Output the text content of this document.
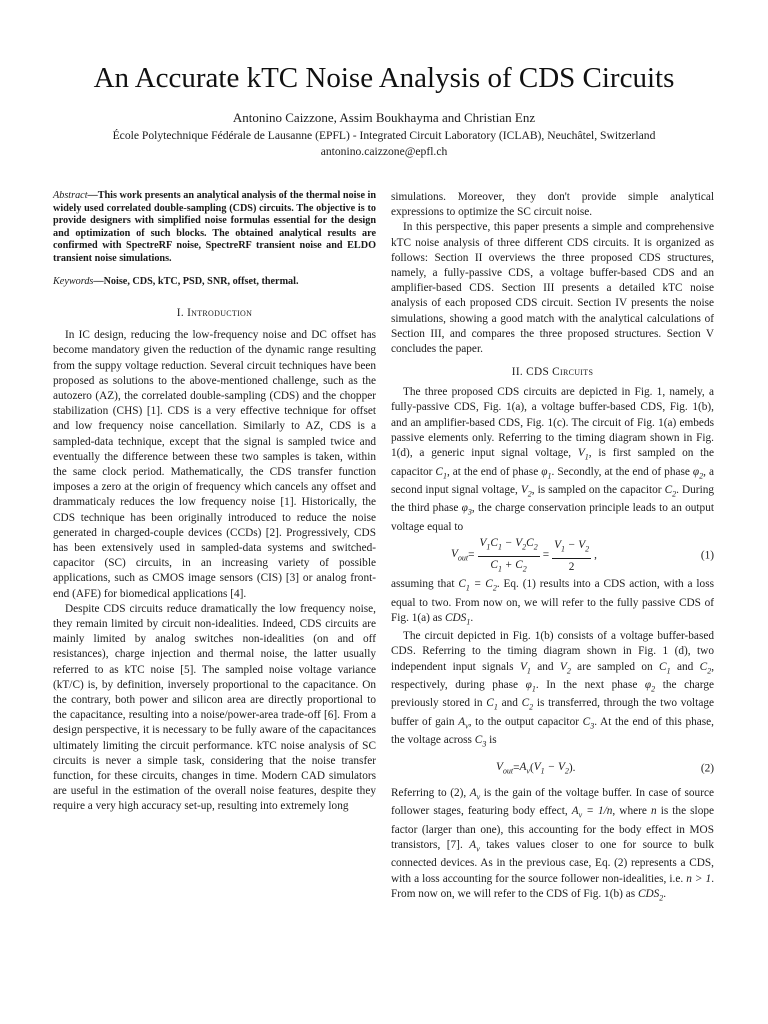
An Accurate kTC Noise Analysis of CDS Circuits
Antonino Caizzone, Assim Boukhayma and Christian Enz
École Polytechnique Fédérale de Lausanne (EPFL) - Integrated Circuit Laboratory (ICLAB), Neuchâtel, Switzerland
antonino.caizzone@epfl.ch

Abstract—This work presents an analytical analysis of the thermal noise in widely used correlated double-sampling (CDS) circuits. The objective is to provide designers with simplified noise formulas essential for the design and optimization of such blocks. The obtained analytical results are confirmed with SpectreRF noise, SpectreRF transient noise and ELDO transient noise simulations.

Keywords—Noise, CDS, kTC, PSD, SNR, offset, thermal.

I. Introduction

In IC design, reducing the low-frequency noise and DC offset has become mandatory given the reduction of the dynamic range resulting from the suppy voltage reduction. Several circuit techniques have been proposed as solutions to the above-mentioned challenge, such as the autozero (AZ), the correlated double-sampling (CDS) and the chopper stabilization (CHS) [1]. CDS is a very effective technique for offset and low frequency noise cancellation. Similarly to AZ, CDS is a sampled-data technique, except that the signal is sampled twice and eventually the difference between these two samples is taken, within the same clock period. Mathematically, the CDS transfer function imposes a zero at the origin of frequency which cancels any offset and drammaticaly reduces the low frequency noise [1]. Historically, the CDS technique has been originally introduced to reduce the noise generated in charged-couple devices (CCDs) [2]. Progressively, CDS has been extensively used in sampled-data systems and switched-capacitor (SC) circuits, in an increasing variety of possible applications, such as CMOS image sensors (CIS) [3] or analog front-end (AFE) for biomedical applications [4].

Despite CDS circuits reduce dramatically the low frequency noise, they remain limited by circuit non-idealities. Indeed, CDS circuits are mainly limited by analog switches non-idealities (on and off resistances), charge injection and thermal noise, the latter usually referred to as kTC noise [5]. The sampled noise voltage variance (kT/C) is, by definition, inversely proportional to the capacitance. On the contrary, both power and silicon area are directly proportional to the capacitance, resulting into a noise/power-area trade-off [6]. From a design perspective, it is necessary to be fully aware of the capacitances ultimately limiting the circuit performance. kTC noise analysis of SC circuits is never a simple task, considering that the noise transfer function, for these circuits, changes in time. Modern CAD simulators are useful in the estimation of the overall noise features, despite they require a very high accuracy set-up, resulting into extremely long

simulations. Moreover, they don't provide simple analytical expressions to optimize the SC circuit noise.

In this perspective, this paper presents a simple and comprehensive kTC noise analysis of three different CDS circuits. It is organized as follows: Section II overviews the three proposed CDS structures, namely, a fully-passive CDS, a voltage buffer-based CDS and an amplifier-based CDS. Section III presents a detailed kTC noise analysis of each proposed CDS circuit. Section IV presents the noise simulations, showing a good match with the analytical calculations of Section III, and compares the three proposed structures. Section V concludes the paper.

II. CDS Circuits

The three proposed CDS circuits are depicted in Fig. 1, namely, a fully-passive CDS, Fig. 1(a), a voltage buffer-based CDS, Fig. 1(b), and an amplifier-based CDS, Fig. 1(c). The circuit of Fig. 1(a) embeds passive elements only. Referring to the timing diagram shown in Fig. 1(d), a generic input signal voltage, $V_1$, is first sampled on the capacitor $C_1$, at the end of phase $\varphi_1$. Secondly, at the end of phase $\varphi_2$, a second input signal voltage, $V_2$, is sampled on the capacitor $C_2$. During the third phase $\varphi_3$, the charge conservation principle leads to an output voltage equal to

$V_{out} = \frac{V_1C_1 - V_2C_2}{C_1 + C_2} = \frac{V_1 - V_2}{2}$ ,	(1)

assuming that $C_1 = C_2$. Eq. (1) results into a CDS action, with a loss equal to two. From now on, we will refer to the fully passive CDS of Fig. 1(a) as $CDS_1$.

The circuit depicted in Fig. 1(b) consists of a voltage buffer-based CDS. Referring to the timing diagram shown in Fig. 1 (d), two independent input signals $V_1$ and $V_2$ are sampled on $C_1$ and $C_2$, respectively, during phase $\varphi_1$. In the next phase $\varphi_2$ the charge previously stored in $C_1$ and $C_2$ is transferred, through the two voltage buffer of gain $A_v$, to the output capacitor $C_3$. At the end of this phase, the voltage across $C_3$ is

$V_{out} = A_v$ ( $V_1 - V_2$ ) .	(2)

Referring to (2), $A_v$ is the gain of the voltage buffer. In case of source follower stages, featuring body effect, $A_v = 1/n$, where n is the slope factor (larger than one), this accounting for the body effect in MOS transistors, [7]. $A_v$ takes values closer to one for source to bulk connected devices. As in the previous case, Eq. (2) represents a CDS, with a loss accounting for the source follower non-idealities, i.e. n > 1. From now on, we will refer to the CDS of Fig. 1(b) as $CDS_2$.
